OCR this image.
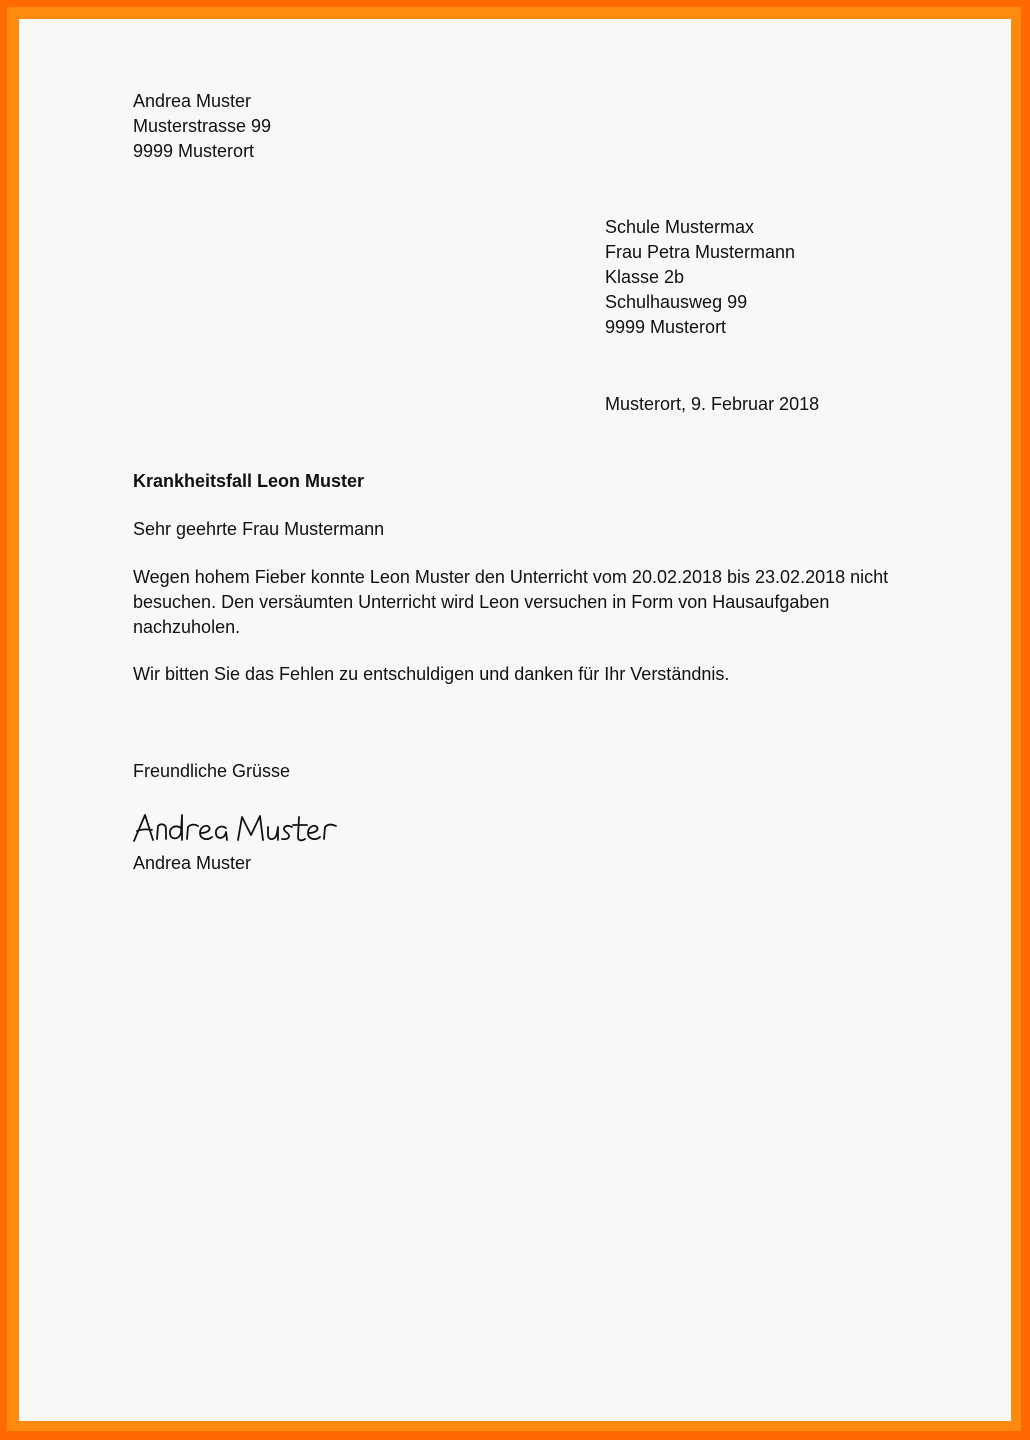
Andrea Muster
Musterstrasse 99
9999 Musterort
Schule Mustermax
Frau Petra Mustermann
Klasse 2b
Schulhausweg 99
9999 Musterort

Musterort, 9. Februar 2018

Krankheitsfall Leon Muster

Sehr geehrte Frau Mustermann

Wegen hohem Fieber konnte Leon Muster den Unterricht vom 20.02.2018 bis 23.02.2018 nicht
besuchen. Den versäumten Unterricht wird Leon versuchen in Form von Hausaufgaben
nachzuholen.

Wir bitten Sie das Fehlen zu entschuldigen und danken für Ihr Verständnis.

Freundliche Grüsse

Andrea Muster
